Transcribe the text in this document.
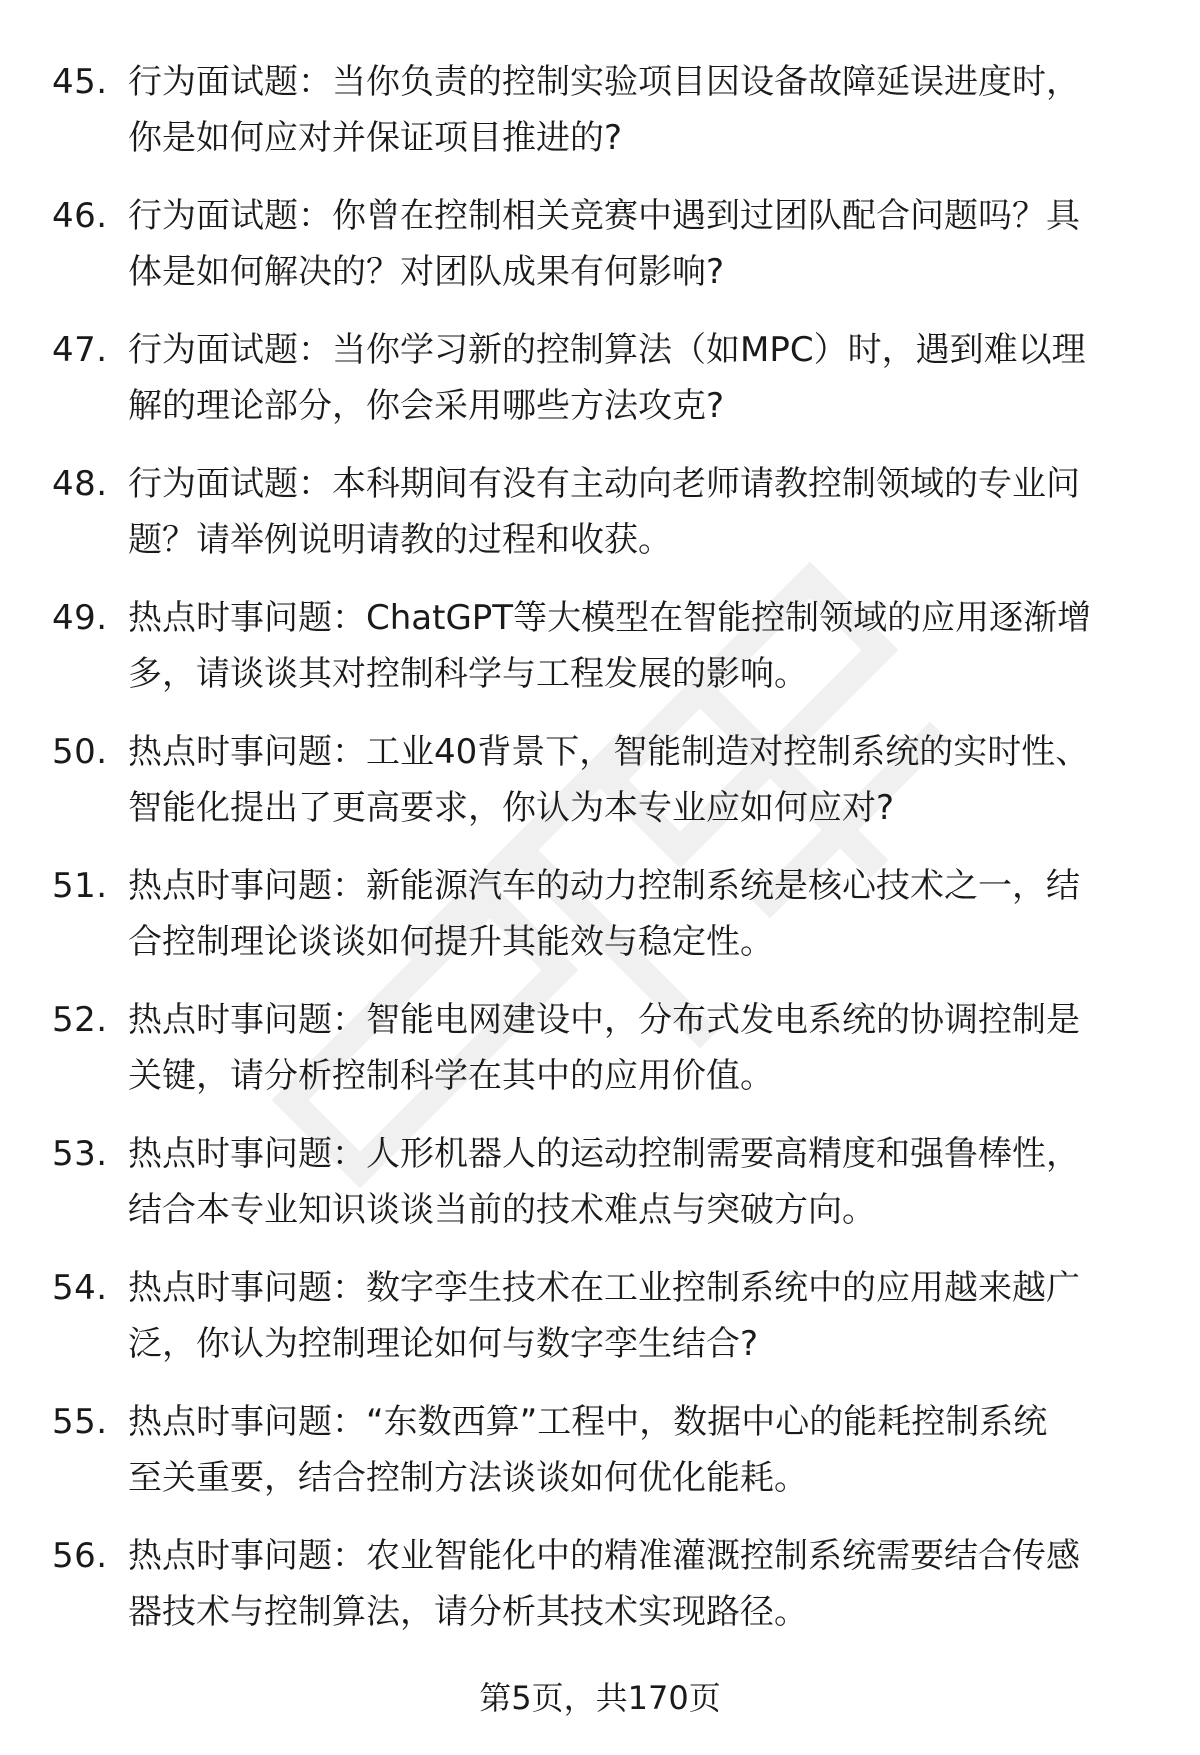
45. 行为面试题：当你负责的控制实验项目因设备故障延误进度时，
你是如何应对并保证项目推进的?
46. 行为面试题：你曾在控制相关竞赛中遇到过团队配合问题吗？具
体是如何解决的？对团队成果有何影响?
47. 行为面试题：当你学习新的控制算法（如MPC）时，遇到难以理
解的理论部分，你会采用哪些方法攻克?
48. 行为面试题：本科期间有没有主动向老师请教控制领域的专业问
题？请举例说明请教的过程和收获。
49. 热点时事问题：ChatGPT等大模型在智能控制领域的应用逐渐增
多，请谈谈其对控制科学与工程发展的影响。
50. 热点时事问题：工业40背景下，智能制造对控制系统的实时性、
智能化提出了更高要求，你认为本专业应如何应对?
51. 热点时事问题：新能源汽车的动力控制系统是核心技术之一，结
合控制理论谈谈如何提升其能效与稳定性。
52. 热点时事问题：智能电网建设中，分布式发电系统的协调控制是
关键，请分析控制科学在其中的应用价值。
53. 热点时事问题：人形机器人的运动控制需要高精度和强鲁棒性，
结合本专业知识谈谈当前的技术难点与突破方向。
54. 热点时事问题：数字孪生技术在工业控制系统中的应用越来越广
泛，你认为控制理论如何与数字孪生结合?
55. 热点时事问题：“东数西算”工程中，数据中心的能耗控制系统
至关重要，结合控制方法谈谈如何优化能耗。
56. 热点时事问题：农业智能化中的精准灌溉控制系统需要结合传感
器技术与控制算法，请分析其技术实现路径。
第5页，共170页
